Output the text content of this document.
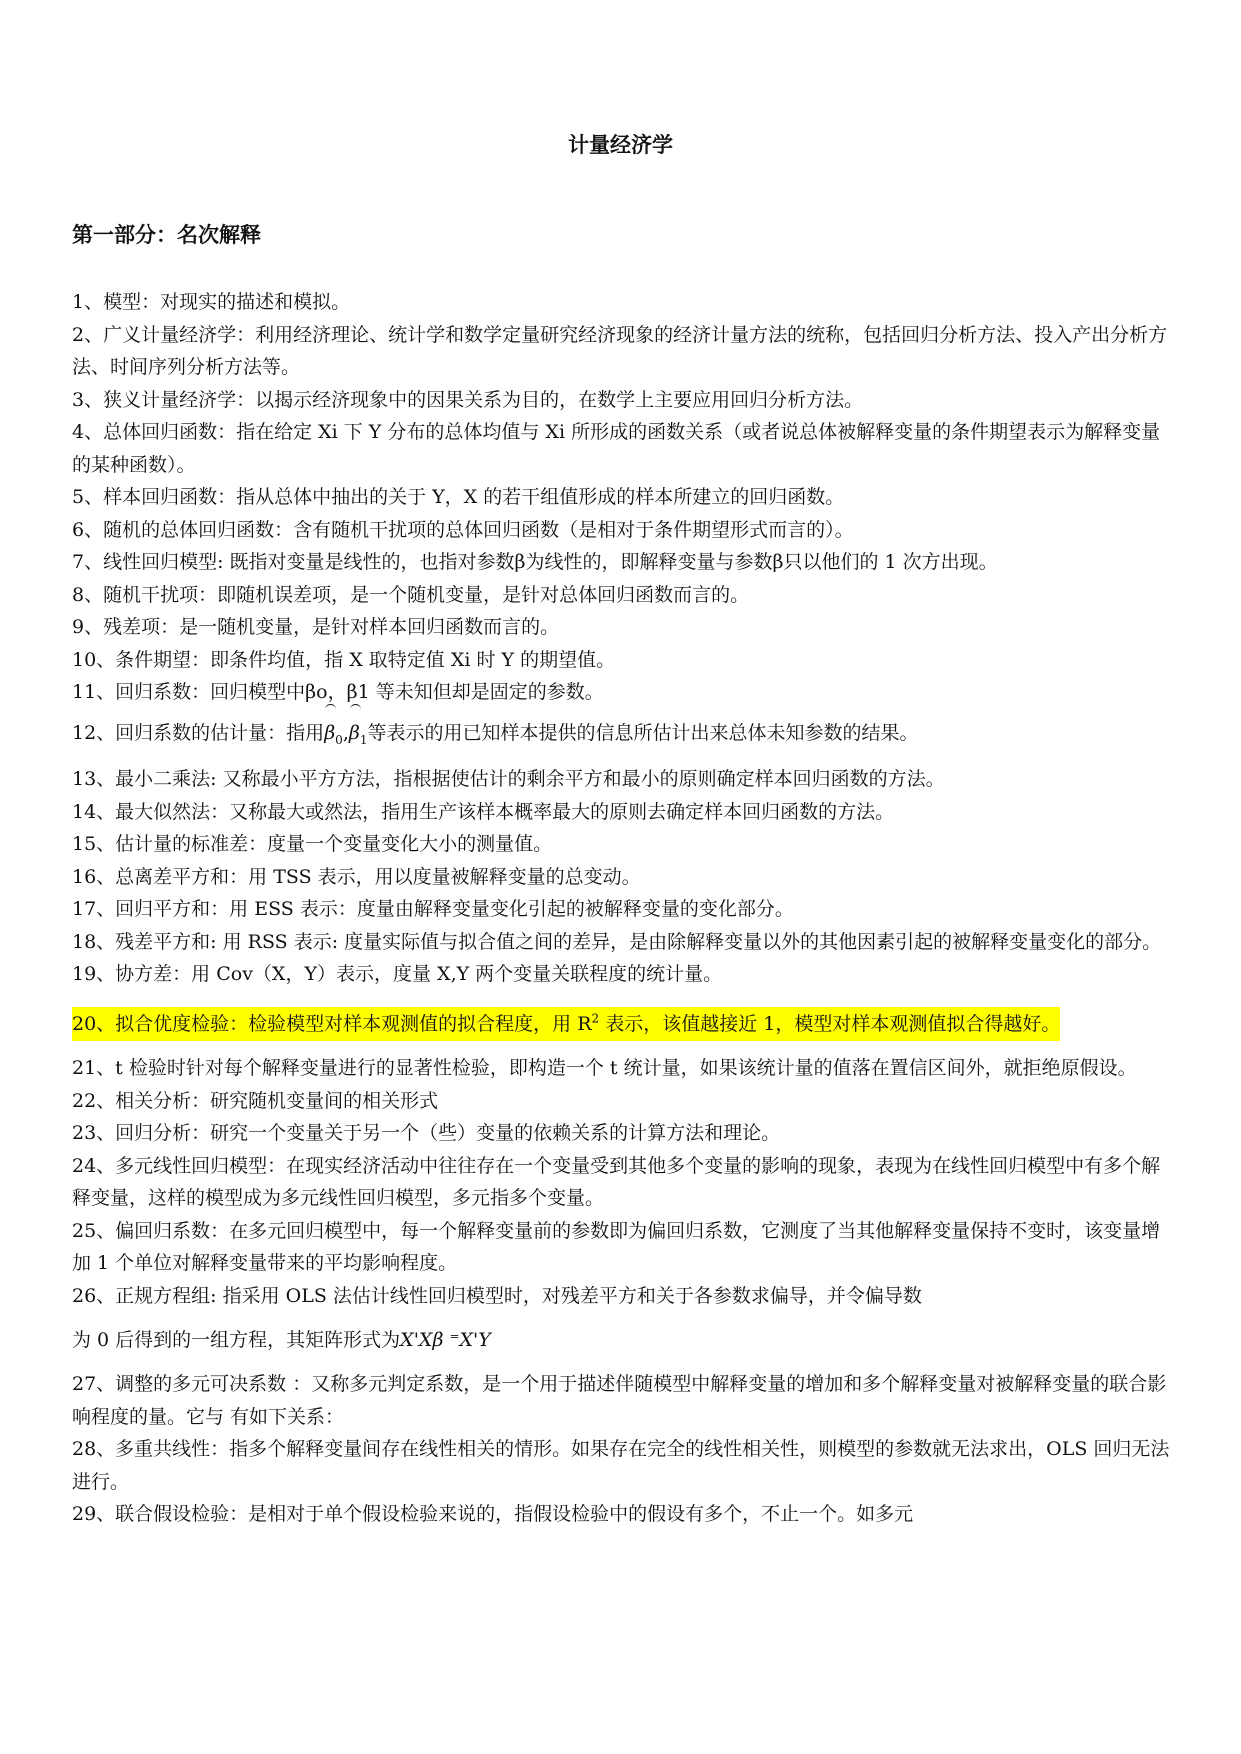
计量经济学
第一部分：名次解释

1、模型：对现实的描述和模拟。

2、广义计量经济学：利用经济理论、统计学和数学定量研究经济现象的经济计量方法的统称，包括回归分析方法、投入产出分析方法、时间序列分析方法等。

3、狭义计量经济学：以揭示经济现象中的因果关系为目的，在数学上主要应用回归分析方法。

4、总体回归函数：指在给定 Xi 下 Y 分布的总体均值与 Xi 所形成的函数关系（或者说总体被解释变量的条件期望表示为解释变量的某种函数）。

5、样本回归函数：指从总体中抽出的关于 Y，X 的若干组值形成的样本所建立的回归函数。

6、随机的总体回归函数：含有随机干扰项的总体回归函数（是相对于条件期望形式而言的）。

7、线性回归模型: 既指对变量是线性的，也指对参数β为线性的，即解释变量与参数β只以他们的 1 次方出现。

8、随机干扰项：即随机误差项，是一个随机变量，是针对总体回归函数而言的。

9、残差项：是一随机变量，是针对样本回归函数而言的。

10、条件期望：即条件均值，指 X 取特定值 Xi 时 Y 的期望值。

11、回归系数：回归模型中βo，β1 等未知但却是固定的参数。

12、回归系数的估计量：指用$\beta_0,\beta_1$等表示的用已知样本提供的信息所估计出来总体未知参数的结果。

13、最小二乘法: 又称最小平方方法，指根据使估计的剩余平方和最小的原则确定样本回归函数的方法。

14、最大似然法：又称最大或然法，指用生产该样本概率最大的原则去确定样本回归函数的方法。

15、估计量的标准差：度量一个变量变化大小的测量值。

16、总离差平方和：用 TSS 表示，用以度量被解释变量的总变动。

17、回归平方和：用 ESS 表示：度量由解释变量变化引起的被解释变量的变化部分。

18、残差平方和: 用 RSS 表示: 度量实际值与拟合值之间的差异，是由除解释变量以外的其他因素引起的被解释变量变化的部分。

19、协方差：用 Cov（X，Y）表示，度量 X,Y 两个变量关联程度的统计量。

20、拟合优度检验：检验模型对样本观测值的拟合程度，用 $R^2$ 表示，该值越接近 1，模型对样本观测值拟合得越好。

21、t 检验时针对每个解释变量进行的显著性检验，即构造一个 t 统计量，如果该统计量的值落在置信区间外，就拒绝原假设。

22、相关分析：研究随机变量间的相关形式

23、回归分析：研究一个变量关于另一个（些）变量的依赖关系的计算方法和理论。

24、多元线性回归模型：在现实经济活动中往往存在一个变量受到其他多个变量的影响的现象，表现为在线性回归模型中有多个解释变量，这样的模型成为多元线性回归模型，多元指多个变量。

25、偏回归系数：在多元回归模型中，每一个解释变量前的参数即为偏回归系数，它测度了当其他解释变量保持不变时，该变量增加 1 个单位对解释变量带来的平均影响程度。

26、正规方程组: 指采用 OLS 法估计线性回归模型时，对残差平方和关于各参数求偏导，并令偏导数

为 0 后得到的一组方程，其矩阵形式为X'Xβ ⁼X'Y

27、调整的多元可决系数 ：又称多元判定系数，是一个用于描述伴随模型中解释变量的增加和多个解释变量对被解释变量的联合影响程度的量。它与 有如下关系：

28、多重共线性：指多个解释变量间存在线性相关的情形。如果存在完全的线性相关性，则模型的参数就无法求出，OLS 回归无法进行。

29、联合假设检验：是相对于单个假设检验来说的，指假设检验中的假设有多个，不止一个。如多元
